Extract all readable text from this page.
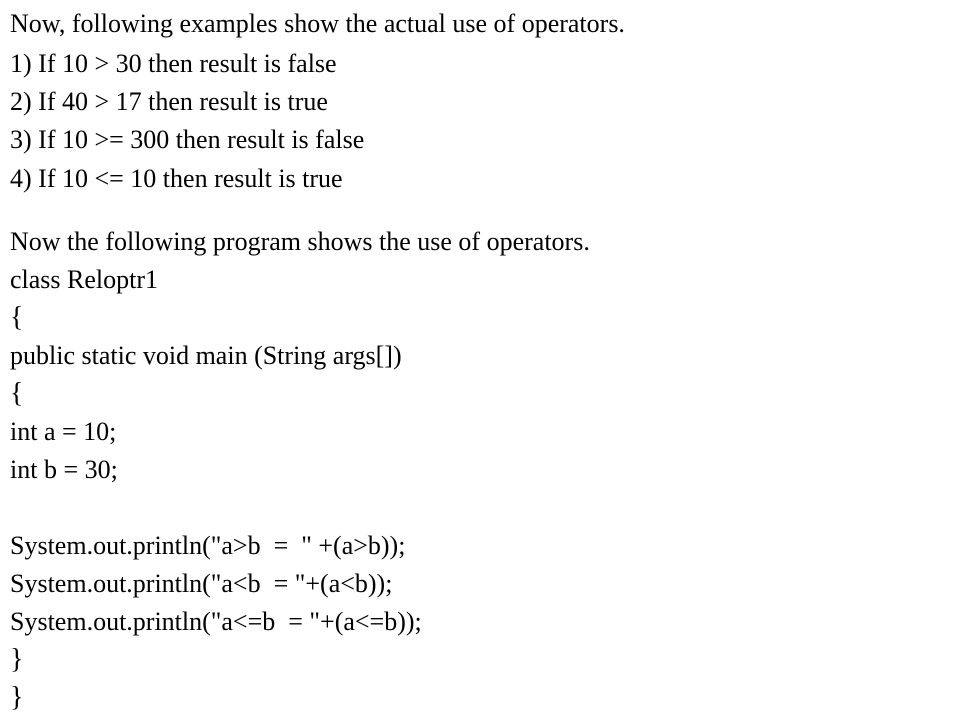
Now, following examples show the actual use of operators.

1) If 10 > 30 then result is false

2) If 40 > 17 then result is true

3) If 10 >= 300 then result is false

4) If 10 <= 10 then result is true

Now the following program shows the use of operators.

class Reloptr1

{

public static void main (String args[])

{

int a = 10;

int b = 30;

System.out.println("a>b  =  " +(a>b));

System.out.println("a<b  = "+(a<b));

System.out.println("a<=b  = "+(a<=b));

}

}
